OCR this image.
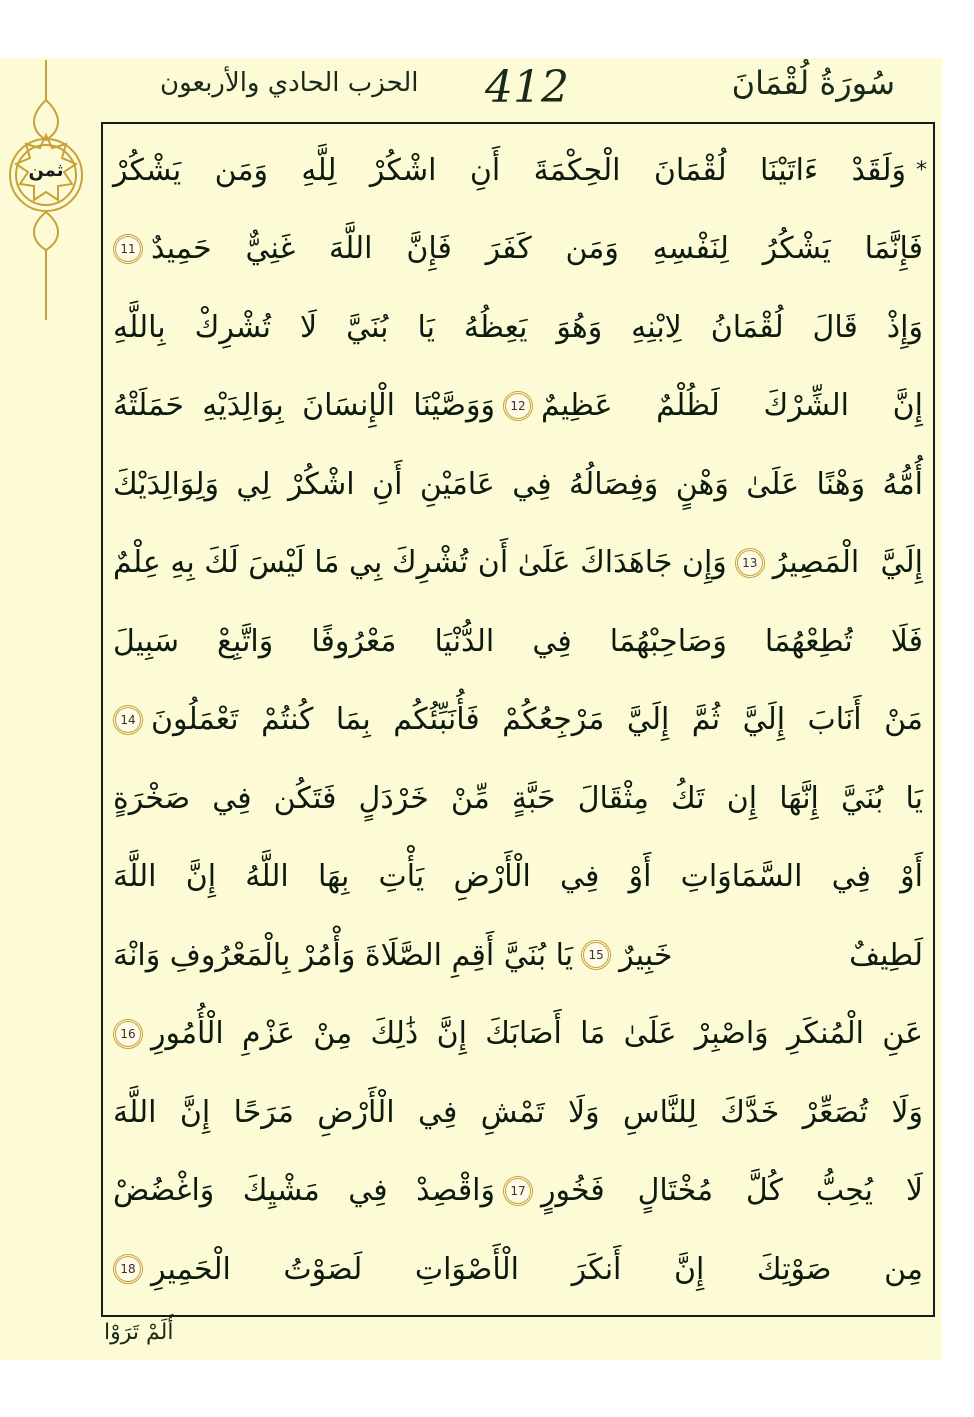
ثمن
الحزب الحادي والأربعون 412	سُورَةُ لُقْمَانَ
*
وَلَقَدْ ءَاتَيْنَا لُقْمَانَ الْحِكْمَةَ أَنِ اشْكُرْ لِلَّهِ وَمَن يَشْكُرْ
فَإِنَّمَا يَشْكُرُ لِنَفْسِهِ وَمَن كَفَرَ فَإِنَّ اللَّهَ غَنِيٌّ حَمِيدٌ
11
وَإِذْ قَالَ لُقْمَانُ لِابْنِهِ وَهُوَ يَعِظُهُ يَا بُنَيَّ لَا تُشْرِكْ بِاللَّهِ
إِنَّ الشِّرْكَ لَظُلْمٌ عَظِيمٌ
12
وَوَصَّيْنَا الْإِنسَانَ بِوَالِدَيْهِ حَمَلَتْهُ
أُمُّهُ وَهْنًا عَلَىٰ وَهْنٍ وَفِصَالُهُ فِي عَامَيْنِ أَنِ اشْكُرْ لِي وَلِوَالِدَيْكَ
إِلَيَّ الْمَصِيرُ
13
وَإِن جَاهَدَاكَ عَلَىٰ أَن تُشْرِكَ بِي مَا لَيْسَ لَكَ بِهِ عِلْمٌ
فَلَا تُطِعْهُمَا وَصَاحِبْهُمَا فِي الدُّنْيَا مَعْرُوفًا وَاتَّبِعْ سَبِيلَ
مَنْ أَنَابَ إِلَيَّ ثُمَّ إِلَيَّ مَرْجِعُكُمْ فَأُنَبِّئُكُم بِمَا كُنتُمْ تَعْمَلُونَ
14
يَا بُنَيَّ إِنَّهَا إِن تَكُ مِثْقَالَ حَبَّةٍ مِّنْ خَرْدَلٍ فَتَكُن فِي صَخْرَةٍ
أَوْ فِي السَّمَاوَاتِ أَوْ فِي الْأَرْضِ يَأْتِ بِهَا اللَّهُ إِنَّ اللَّهَ
لَطِيفٌ خَبِيرٌ
15
يَا بُنَيَّ أَقِمِ الصَّلَاةَ وَأْمُرْ بِالْمَعْرُوفِ وَانْهَ
عَنِ الْمُنكَرِ وَاصْبِرْ عَلَىٰ مَا أَصَابَكَ إِنَّ ذَٰلِكَ مِنْ عَزْمِ الْأُمُورِ
16
وَلَا تُصَعِّرْ خَدَّكَ لِلنَّاسِ وَلَا تَمْشِ فِي الْأَرْضِ مَرَحًا إِنَّ اللَّهَ
لَا يُحِبُّ كُلَّ مُخْتَالٍ فَخُورٍ
17
وَاقْصِدْ فِي مَشْيِكَ وَاغْضُضْ
مِن صَوْتِكَ إِنَّ أَنكَرَ الْأَصْوَاتِ لَصَوْتُ الْحَمِيرِ
18
أَلَمْ تَرَوْا
